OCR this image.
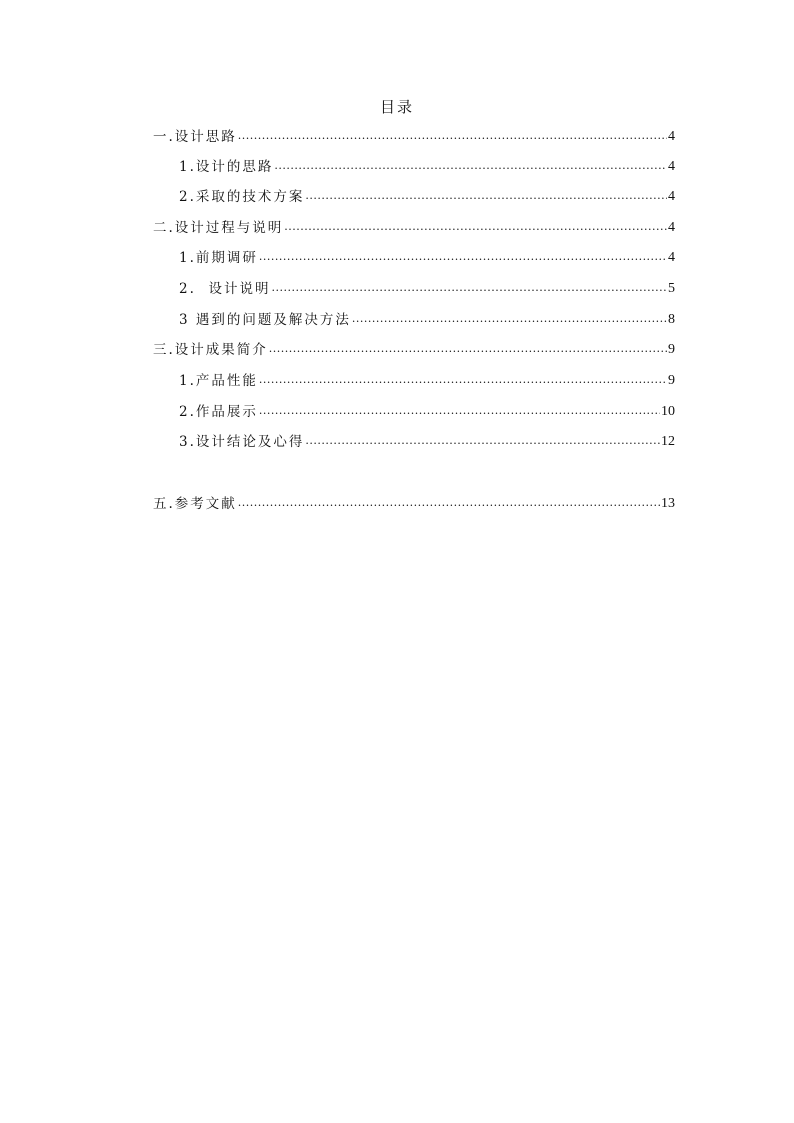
目录
一.设计思路 .....	4
1.设计的思路 .....	4
2.采取的技术方案 .....	4
二.设计过程与说明 .....	4
1.前期调研 .....	4
2.  设计说明 .....	5
3 遇到的问题及解决方法 .....	8
三.设计成果简介 .....	9
1.产品性能 .....	9
2.作品展示 .....	10
3.设计结论及心得 .....	12
五.参考文献 .....	13
